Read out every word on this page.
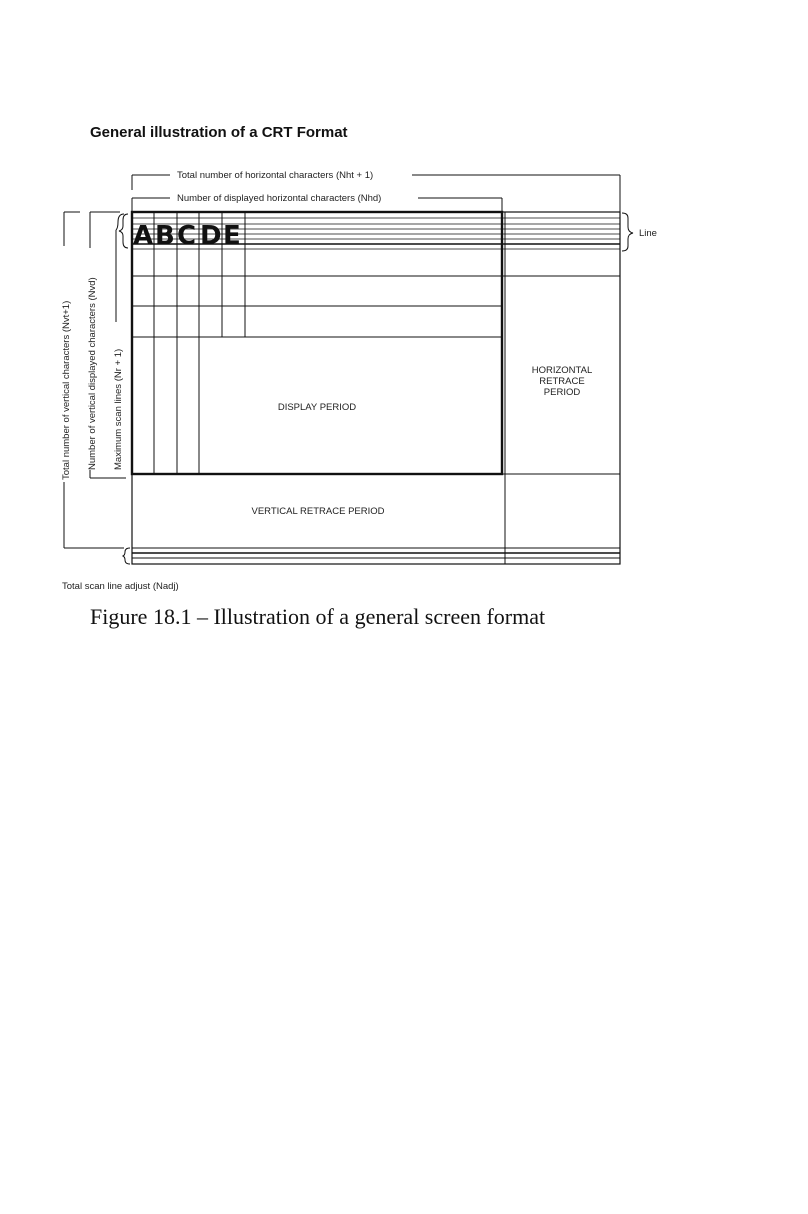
General illustration of a CRT Format
Total number of horizontal characters (Nht + 1)
Number of displayed horizontal characters (Nhd)
A B C D E
DISPLAY PERIOD
HORIZONTAL
RETRACE
PERIOD
VERTICAL RETRACE PERIOD
Line
Total number of vertical characters (Nvt+1) Number of vertical displayed characters (Nvd) Maximum scan lines (Nr + 1)
Total scan line adjust (Nadj)
Figure 18.1 – Illustration of a general screen format
